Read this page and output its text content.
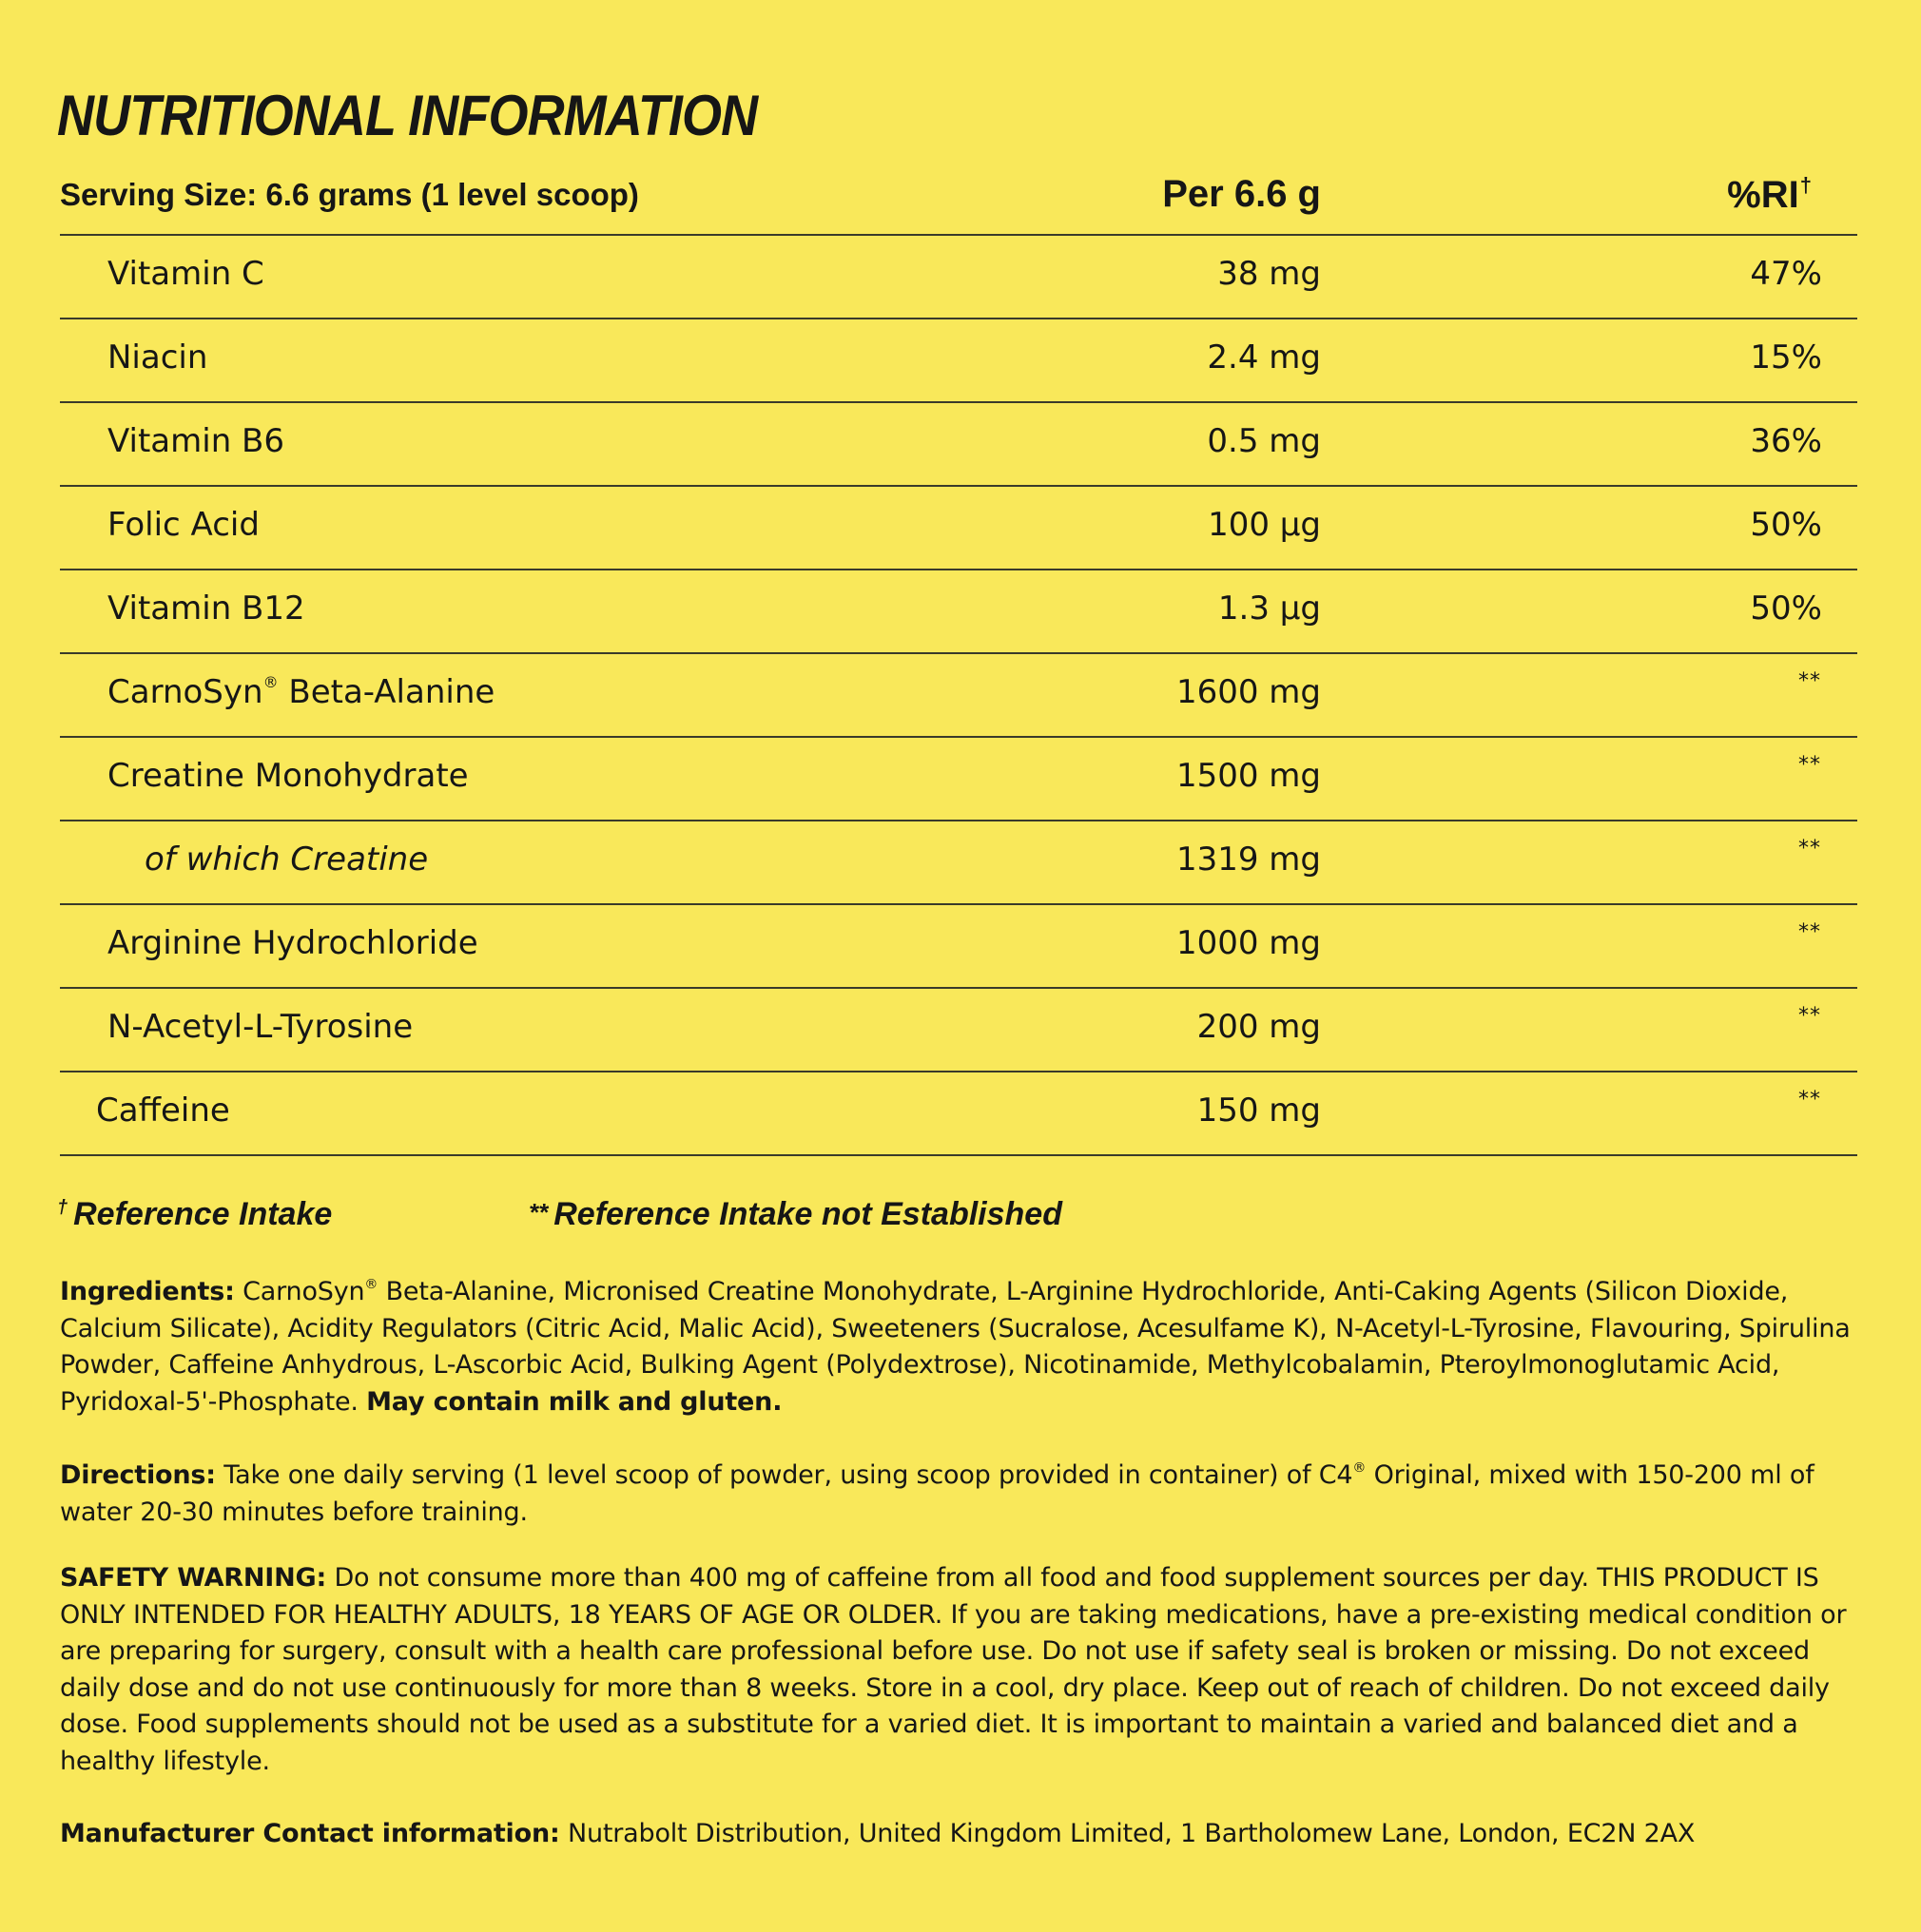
NUTRITIONAL INFORMATION
Serving Size: 6.6 grams (1 level scoop)	Per 6.6 g	%RI†
Vitamin C	38 mg	47%
Niacin	2.4 mg	15%
Vitamin B6	0.5 mg	36%
Folic Acid	100 µg	50%
Vitamin B12	1.3 µg	50%
CarnoSyn® Beta-Alanine	1600 mg	**
Creatine Monohydrate	1500 mg	**
of which Creatine	1319 mg	**
Arginine Hydrochloride	1000 mg	**
N-Acetyl-L-Tyrosine	200 mg	**
Caffeine	150 mg	**
† Reference Intake	** Reference Intake not Established
Ingredients: CarnoSyn® Beta-Alanine, Micronised Creatine Monohydrate, L-Arginine Hydrochloride, Anti-Caking Agents (Silicon Dioxide, Calcium Silicate), Acidity Regulators (Citric Acid, Malic Acid), Sweeteners (Sucralose, Acesulfame K), N-Acetyl-L-Tyrosine, Flavouring, Spirulina Powder, Caffeine Anhydrous, L-Ascorbic Acid, Bulking Agent (Polydextrose), Nicotinamide, Methylcobalamin, Pteroylmonoglutamic Acid, Pyridoxal-5'-Phosphate. May contain milk and gluten.
Directions: Take one daily serving (1 level scoop of powder, using scoop provided in container) of C4® Original, mixed with 150-200 ml of water 20-30 minutes before training.
SAFETY WARNING: Do not consume more than 400 mg of caffeine from all food and food supplement sources per day. THIS PRODUCT IS ONLY INTENDED FOR HEALTHY ADULTS, 18 YEARS OF AGE OR OLDER. If you are taking medications, have a pre-existing medical condition or are preparing for surgery, consult with a health care professional before use. Do not use if safety seal is broken or missing. Do not exceed daily dose and do not use continuously for more than 8 weeks. Store in a cool, dry place. Keep out of reach of children. Do not exceed daily dose. Food supplements should not be used as a substitute for a varied diet. It is important to maintain a varied and balanced diet and a healthy lifestyle.
Manufacturer Contact information: Nutrabolt Distribution, United Kingdom Limited, 1 Bartholomew Lane, London, EC2N 2AX
